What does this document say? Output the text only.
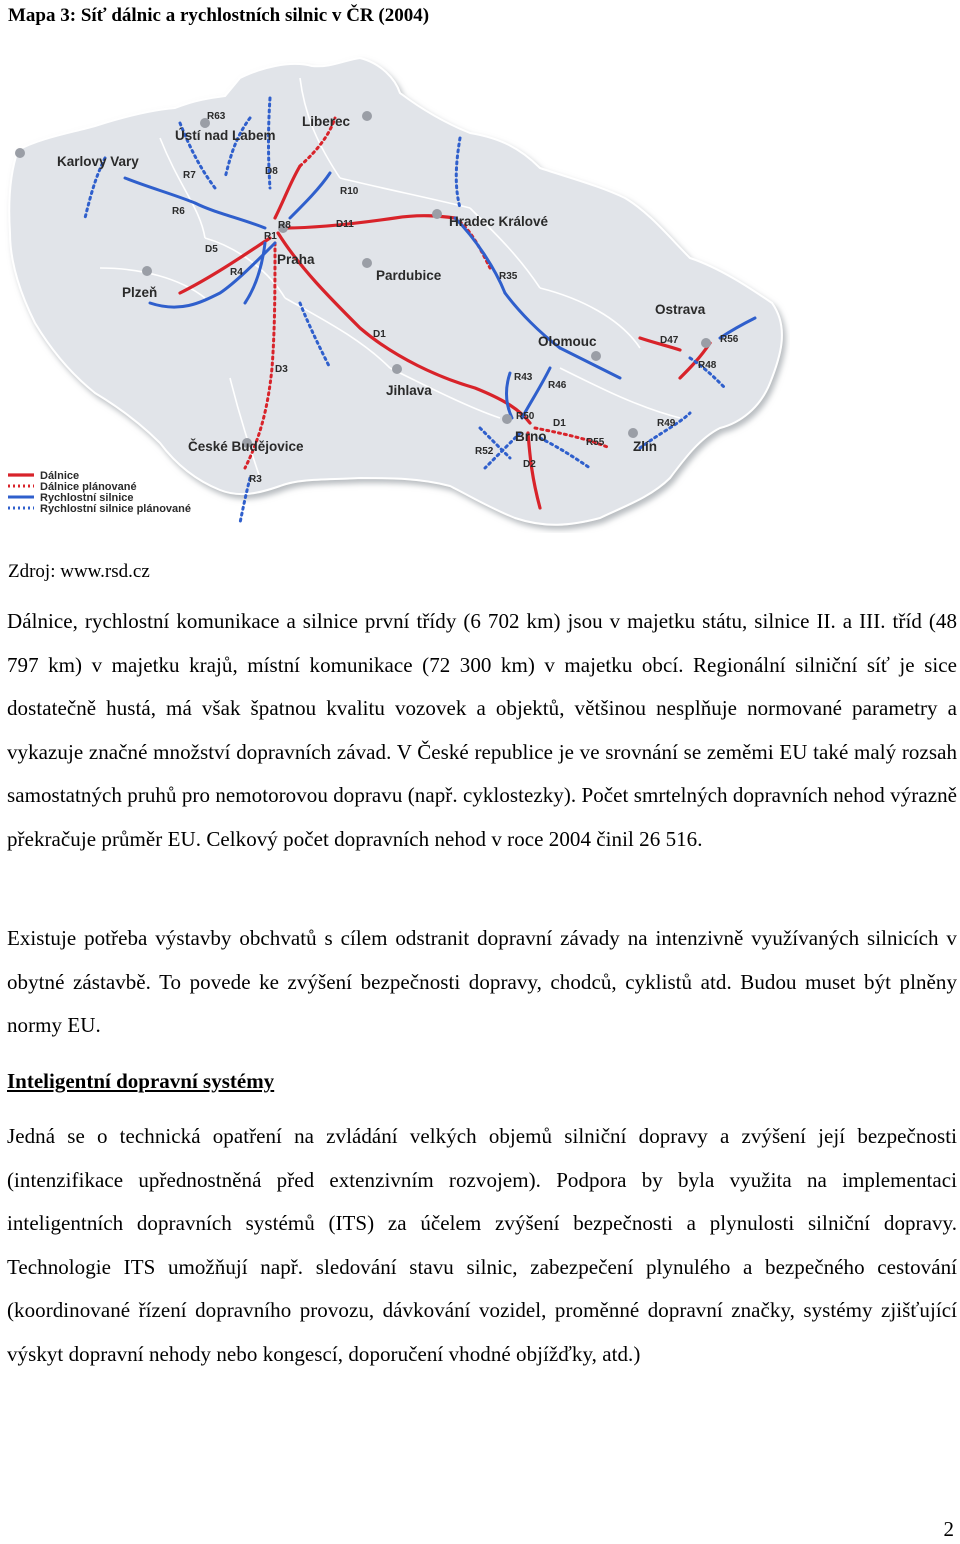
Mapa 3: Síť dálnic a rychlostních silnic v ČR (2004)
Liberec
Ústí nad Labem
Karlovy Vary
Hradec Králové
Praha
Pardubice
Plzeň
Ostrava
Olomouc
Jihlava
Brno
Zlín
České Budějovice
R63
R7
R6
D5
R4
D8
R10
R8
R1
D11
R35
D1
D3
D47	R56
R48
R43
R46
R50
D1	R49
R52
R55
D2
R3
Dálnice
Dálnice plánované
Rychlostní silnice
Rychlostní silnice plánované
Zdroj: www.rsd.cz

Dálnice, rychlostní komunikace a silnice první třídy (6 702 km) jsou v majetku státu, silnice II. a III. tříd (48 797 km) v majetku krajů, místní komunikace (72 300 km) v majetku obcí. Regionální silniční síť je sice dostatečně hustá, má však špatnou kvalitu vozovek a objektů, většinou nesplňuje normované parametry a vykazuje značné množství dopravních závad. V České republice je ve srovnání se zeměmi EU také malý rozsah samostatných pruhů pro nemotorovou dopravu (např. cyklostezky). Počet smrtelných dopravních nehod výrazně překračuje průměr EU. Celkový počet dopravních nehod v roce 2004 činil 26 516.

Existuje potřeba výstavby obchvatů s cílem odstranit dopravní závady na intenzivně využívaných silnicích v obytné zástavbě. To povede ke zvýšení bezpečnosti dopravy, chodců, cyklistů atd. Budou muset být plněny normy EU.

Inteligentní dopravní systémy

Jedná se o technická opatření na zvládání velkých objemů silniční dopravy a zvýšení její bezpečnosti (intenzifikace upřednostněná před extenzivním rozvojem). Podpora by byla využita na implementaci inteligentních dopravních systémů (ITS) za účelem zvýšení bezpečnosti a plynulosti silniční dopravy. Technologie ITS umožňují např. sledování stavu silnic, zabezpečení plynulého a bezpečného cestování (koordinované řízení dopravního provozu, dávkování vozidel, proměnné dopravní značky, systémy zjišťující výskyt dopravní nehody nebo kongescí, doporučení vhodné objížďky, atd.)

2
